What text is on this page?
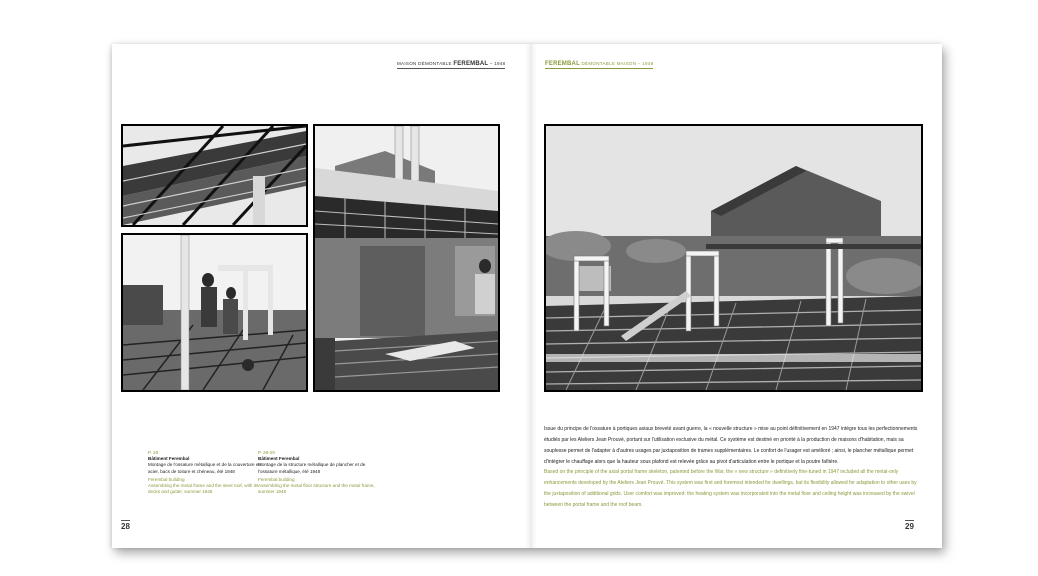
MAISON DÉMONTABLE FEREMBAL – 1948	FEREMBAL DÉMONTABLE MAISON – 1948
P. 26
Bâtiment Ferembal
Montage de l'ossature métallique et de la couverture en acier, bacs de toiture et chéneau, été 1948
Ferembal building
Assembling the metal frame and the steel roof, with its decks and gutter, summer 1948
P. 28-29
Bâtiment Ferembal
Montage de la structure métallique de plancher et de l'ossature métallique, été 1948
Ferembal building
Assembling the metal floor structure and the metal frame, summer 1948
Issue du principe de l'ossature à portiques axiaux breveté avant guerre, la « nouvelle structure » mise au point définitivement en 1947 intègre tous les perfectionnements étudiés par les Ateliers Jean Prouvé, portant sur l'utilisation exclusive du métal. Ce système est destiné en priorité à la production de maisons d'habitation, mais sa souplesse permet de l'adapter à d'autres usages par juxtaposition de trames supplémentaires. Le confort de l'usager est amélioré ; ainsi, le plancher métallique permet d'intégrer le chauffage alors que la hauteur sous plafond est relevée grâce au pivot d'articulation entre le portique et la poutre faîtière.
Based on the principle of the axial portal frame skeleton, patented before the War, the « new structure » definitively fine-tuned in 1947 included all the metal-only enhancements developed by the Ateliers Jean Prouvé. This system was first and foremost intended for dwellings, but its flexibility allowed for adaptation to other uses by the juxtaposition of additional grids. User comfort was improved: the heating system was incorporated into the metal floor and ceiling height was increased by the swivel between the portal frame and the roof beam.
28	29
